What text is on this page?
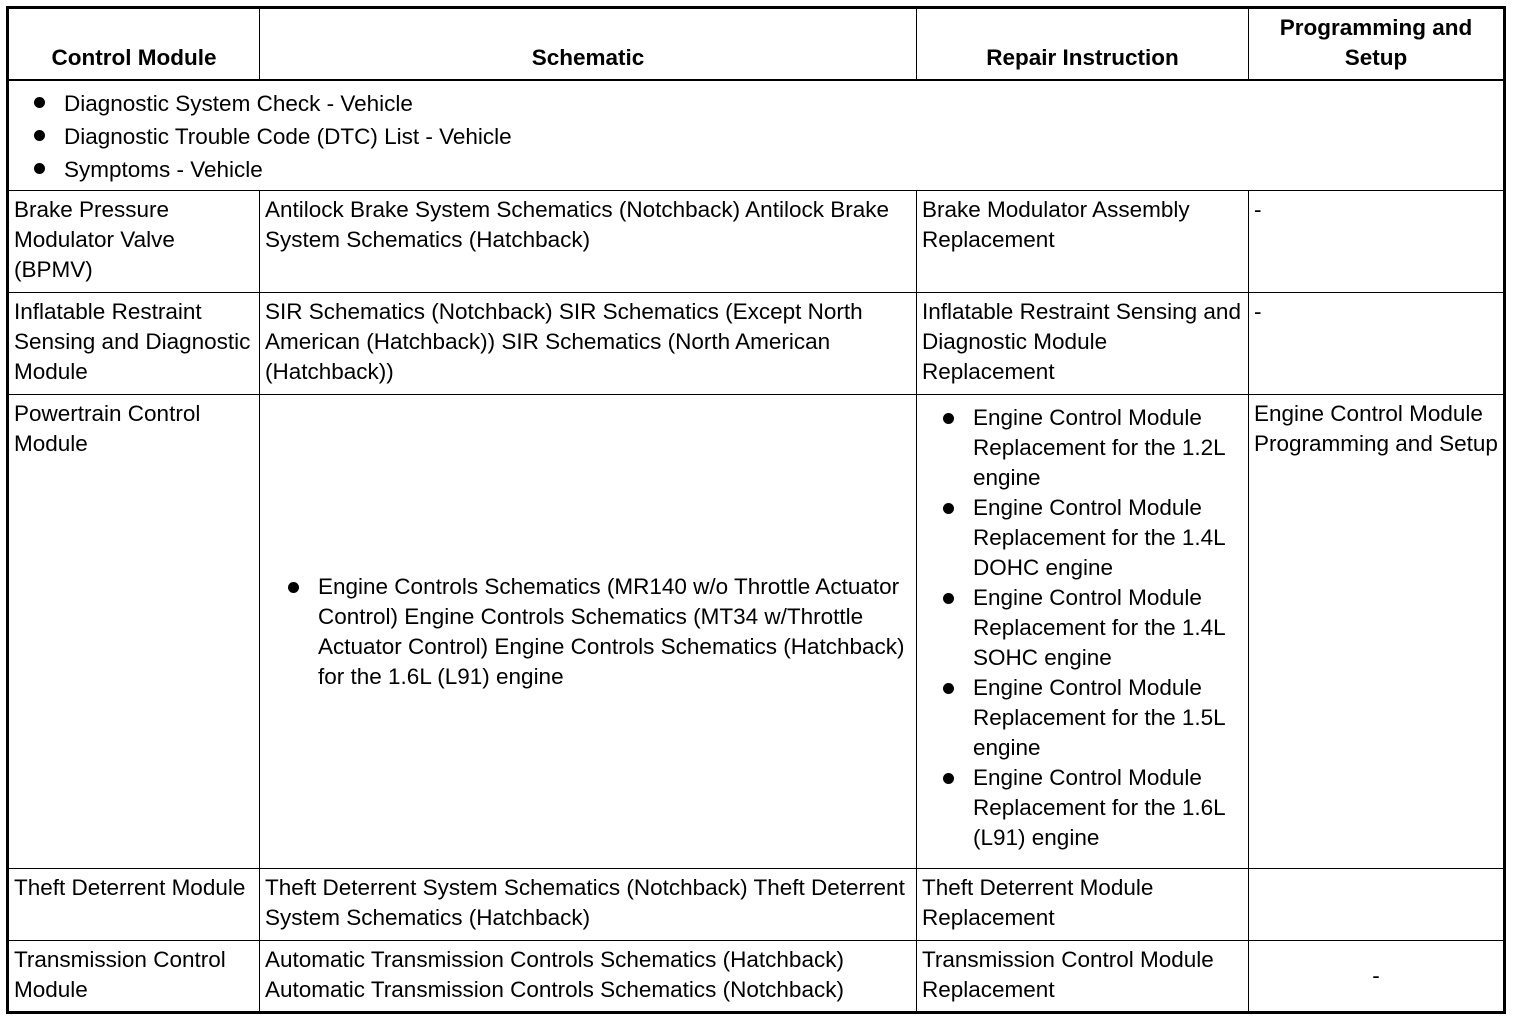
Control Module	Schematic	Repair Instruction
Programming and Setup
Diagnostic System Check - Vehicle
Diagnostic Trouble Code (DTC) List - Vehicle
Symptoms - Vehicle
Brake Pressure Modulator Valve (BPMV)
Antilock Brake System Schematics (Notchback) Antilock Brake System Schematics (Hatchback)
Brake Modulator Assembly Replacement
-
Inflatable Restraint Sensing and Diagnostic Module
SIR Schematics (Notchback) SIR Schematics (Except North American (Hatchback)) SIR Schematics (North American (Hatchback))
Inflatable Restraint Sensing and Diagnostic Module Replacement
-
Powertrain Control Module
Engine Controls Schematics (MR140 w/o Throttle Actuator Control) Engine Controls Schematics (MT34 w/Throttle Actuator Control) Engine Controls Schematics (Hatchback) for the 1.6L (L91) engine
Engine Control Module Replacement for the 1.2L engine
Engine Control Module Replacement for the 1.4L DOHC engine
Engine Control Module Replacement for the 1.4L SOHC engine
Engine Control Module Replacement for the 1.5L engine
Engine Control Module Replacement for the 1.6L (L91) engine
Engine Control Module Programming and Setup
Theft Deterrent Module Theft Deterrent System Schematics (Notchback) Theft Deterrent System Schematics (Hatchback)
Theft Deterrent Module Replacement
Transmission Control Module
Automatic Transmission Controls Schematics (Hatchback) Automatic Transmission Controls Schematics (Notchback)
Transmission Control Module Replacement
-
